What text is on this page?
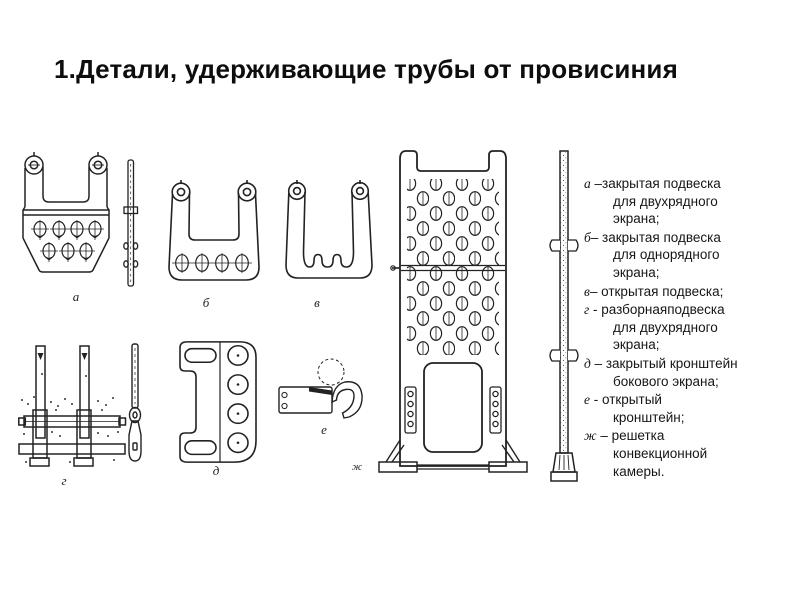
1.Детали, удерживающие трубы от провисиния
а	б	в
г
д
е
ж
а –закрытая подвеска
для двухрядного
экрана;
б– закрытая подвеска
для однорядного
экрана;
в– открытая подвеска;
г - разборнаяподвеска
для двухрядного
экрана;
д – закрытый кронштейн
бокового экрана;
е - открытый
кронштейн;
ж – решетка
конвекционной
камеры.
